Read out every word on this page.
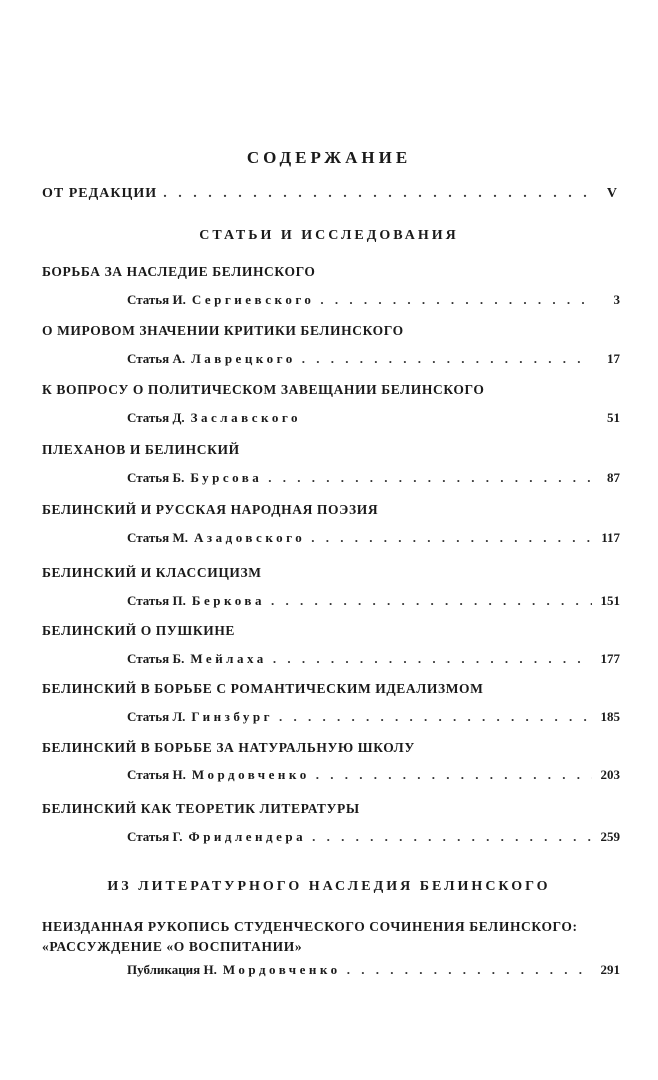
СОДЕРЖАНИЕ
ОТ РЕДАКЦИИ . . .	V
СТАТЬИ И ИССЛЕДОВАНИЯ
БОРЬБА ЗА НАСЛЕДИЕ БЕЛИНСКОГО
Статья И. Сергиевского . . .	3
О МИРОВОМ ЗНАЧЕНИИ КРИТИКИ БЕЛИНСКОГО
Статья А. Лаврецкого . . .	17
К ВОПРОСУ О ПОЛИТИЧЕСКОМ ЗАВЕЩАНИИ БЕЛИНСКОГО
Статья Д. Заславского	51
ПЛЕХАНОВ И БЕЛИНСКИЙ
Статья Б. Бурсова . . .	87
БЕЛИНСКИЙ И РУССКАЯ НАРОДНАЯ ПОЭЗИЯ
Статья М. Азадовского . . .	117
БЕЛИНСКИЙ И КЛАССИЦИЗМ
Статья П. Беркова . . .	151
БЕЛИНСКИЙ О ПУШКИНЕ
Статья Б. Мейлаха . . .	177
БЕЛИНСКИЙ В БОРЬБЕ С РОМАНТИЧЕСКИМ ИДЕАЛИЗМОМ
Статья Л. Гинзбург . . .	185
БЕЛИНСКИЙ В БОРЬБЕ ЗА НАТУРАЛЬНУЮ ШКОЛУ
Статья Н. Мордовченко . . .	203
БЕЛИНСКИЙ КАК ТЕОРЕТИК ЛИТЕРАТУРЫ
Статья Г. Фридлендера . . .	259
ИЗ ЛИТЕРАТУРНОГО НАСЛЕДИЯ БЕЛИНСКОГО
НЕИЗДАННАЯ РУКОПИСЬ СТУДЕНЧЕСКОГО СОЧИНЕНИЯ БЕЛИНСКОГО:
«РАССУЖДЕНИЕ «О ВОСПИТАНИИ»
Публикация Н. Мордовченко . . .	291
